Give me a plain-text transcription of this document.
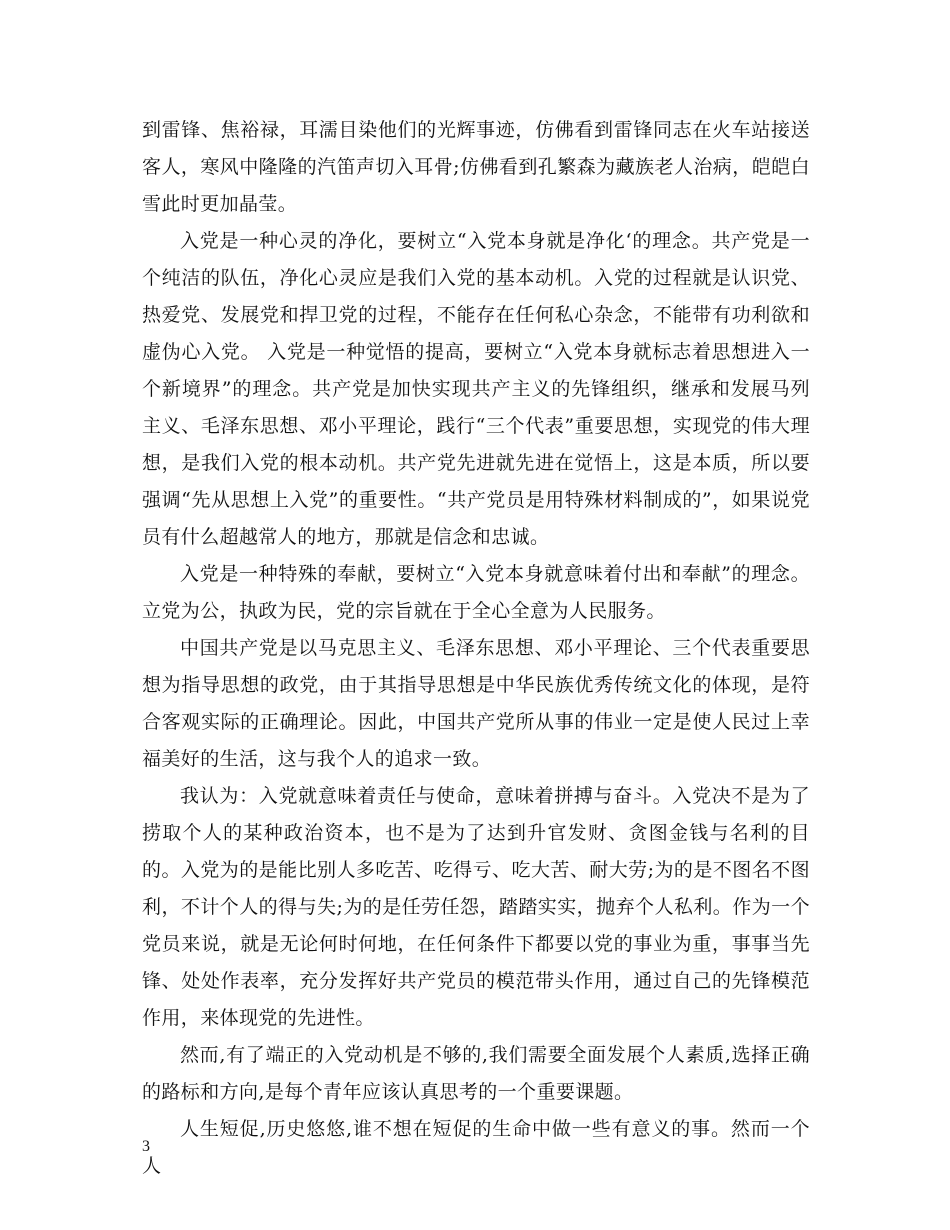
到雷锋、焦裕禄，耳濡目染他们的光辉事迹，仿佛看到雷锋同志在火车站接送客人，寒风中隆隆的汽笛声切入耳骨;仿佛看到孔繁森为藏族老人治病，皑皑白雪此时更加晶莹。

入党是一种心灵的净化，要树立“入党本身就是净化‘的理念。共产党是一个纯洁的队伍，净化心灵应是我们入党的基本动机。入党的过程就是认识党、热爱党、发展党和捍卫党的过程，不能存在任何私心杂念，不能带有功利欲和虚伪心入党。 入党是一种觉悟的提高，要树立“入党本身就标志着思想进入一个新境界”的理念。共产党是加快实现共产主义的先锋组织，继承和发展马列主义、毛泽东思想、邓小平理论，践行“三个代表”重要思想，实现党的伟大理想，是我们入党的根本动机。共产党先进就先进在觉悟上，这是本质，所以要强调“先从思想上入党”的重要性。“共产党员是用特殊材料制成的”，如果说党员有什么超越常人的地方，那就是信念和忠诚。

入党是一种特殊的奉献，要树立“入党本身就意味着付出和奉献”的理念。立党为公，执政为民，党的宗旨就在于全心全意为人民服务。

中国共产党是以马克思主义、毛泽东思想、邓小平理论、三个代表重要思想为指导思想的政党，由于其指导思想是中华民族优秀传统文化的体现，是符合客观实际的正确理论。因此，中国共产党所从事的伟业一定是使人民过上幸福美好的生活，这与我个人的追求一致。

我认为：入党就意味着责任与使命，意味着拼搏与奋斗。入党决不是为了捞取个人的某种政治资本，也不是为了达到升官发财、贪图金钱与名利的目的。入党为的是能比别人多吃苦、吃得亏、吃大苦、耐大劳;为的是不图名不图利，不计个人的得与失;为的是任劳任怨，踏踏实实，抛弃个人私利。作为一个党员来说，就是无论何时何地，在任何条件下都要以党的事业为重，事事当先锋、处处作表率，充分发挥好共产党员的模范带头作用，通过自己的先锋模范作用，来体现党的先进性。

然而,有了端正的入党动机是不够的,我们需要全面发展个人素质,选择正确的路标和方向,是每个青年应该认真思考的一个重要课题。

人生短促,历史悠悠,谁不想在短促的生命中做一些有意义的事。然而一个人

3
